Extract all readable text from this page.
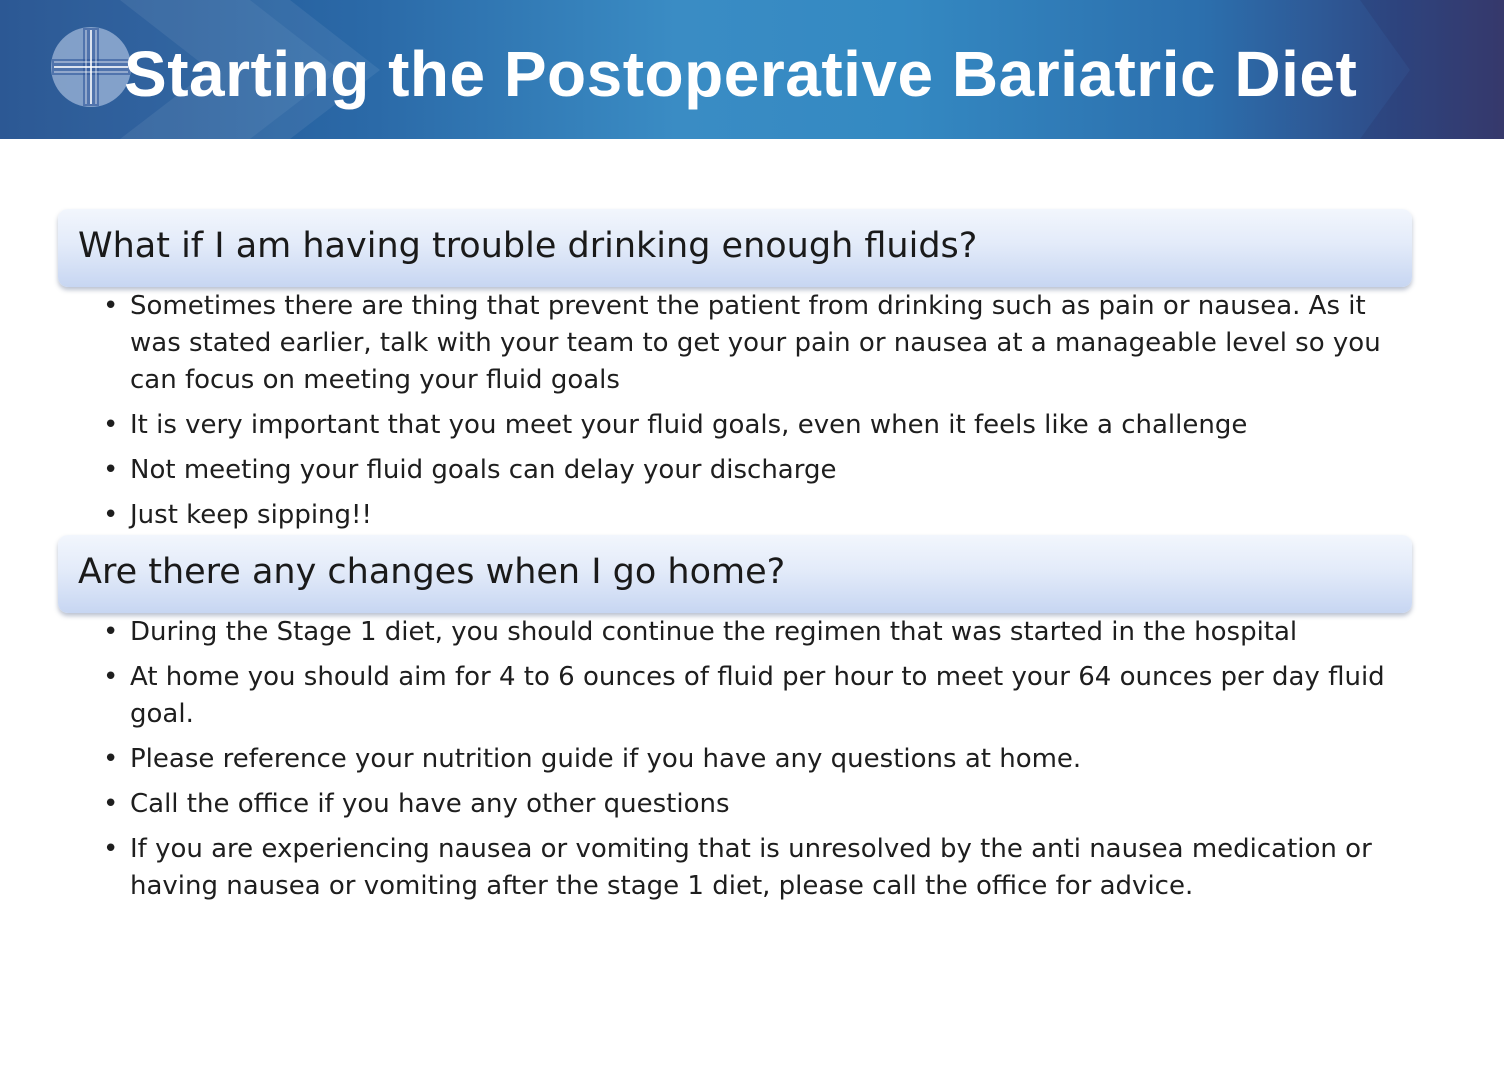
Starting the Postoperative Bariatric Diet
What if I am having trouble drinking enough fluids?
• Sometimes there are thing that prevent the patient from drinking such as pain or nausea. As it was stated earlier, talk with your team to get your pain or nausea at a manageable level so you can focus on meeting your fluid goals
• It is very important that you meet your fluid goals, even when it feels like a challenge
• Not meeting your fluid goals can delay your discharge
• Just keep sipping!!
Are there any changes when I go home?
• During the Stage 1 diet, you should continue the regimen that was started in the hospital
• At home you should aim for 4 to 6 ounces of fluid per hour to meet your 64 ounces per day fluid goal.
• Please reference your nutrition guide if you have any questions at home.
• Call the office if you have any other questions
• If you are experiencing nausea or vomiting that is unresolved by the anti nausea medication or having nausea or vomiting after the stage 1 diet, please call the office for advice.
